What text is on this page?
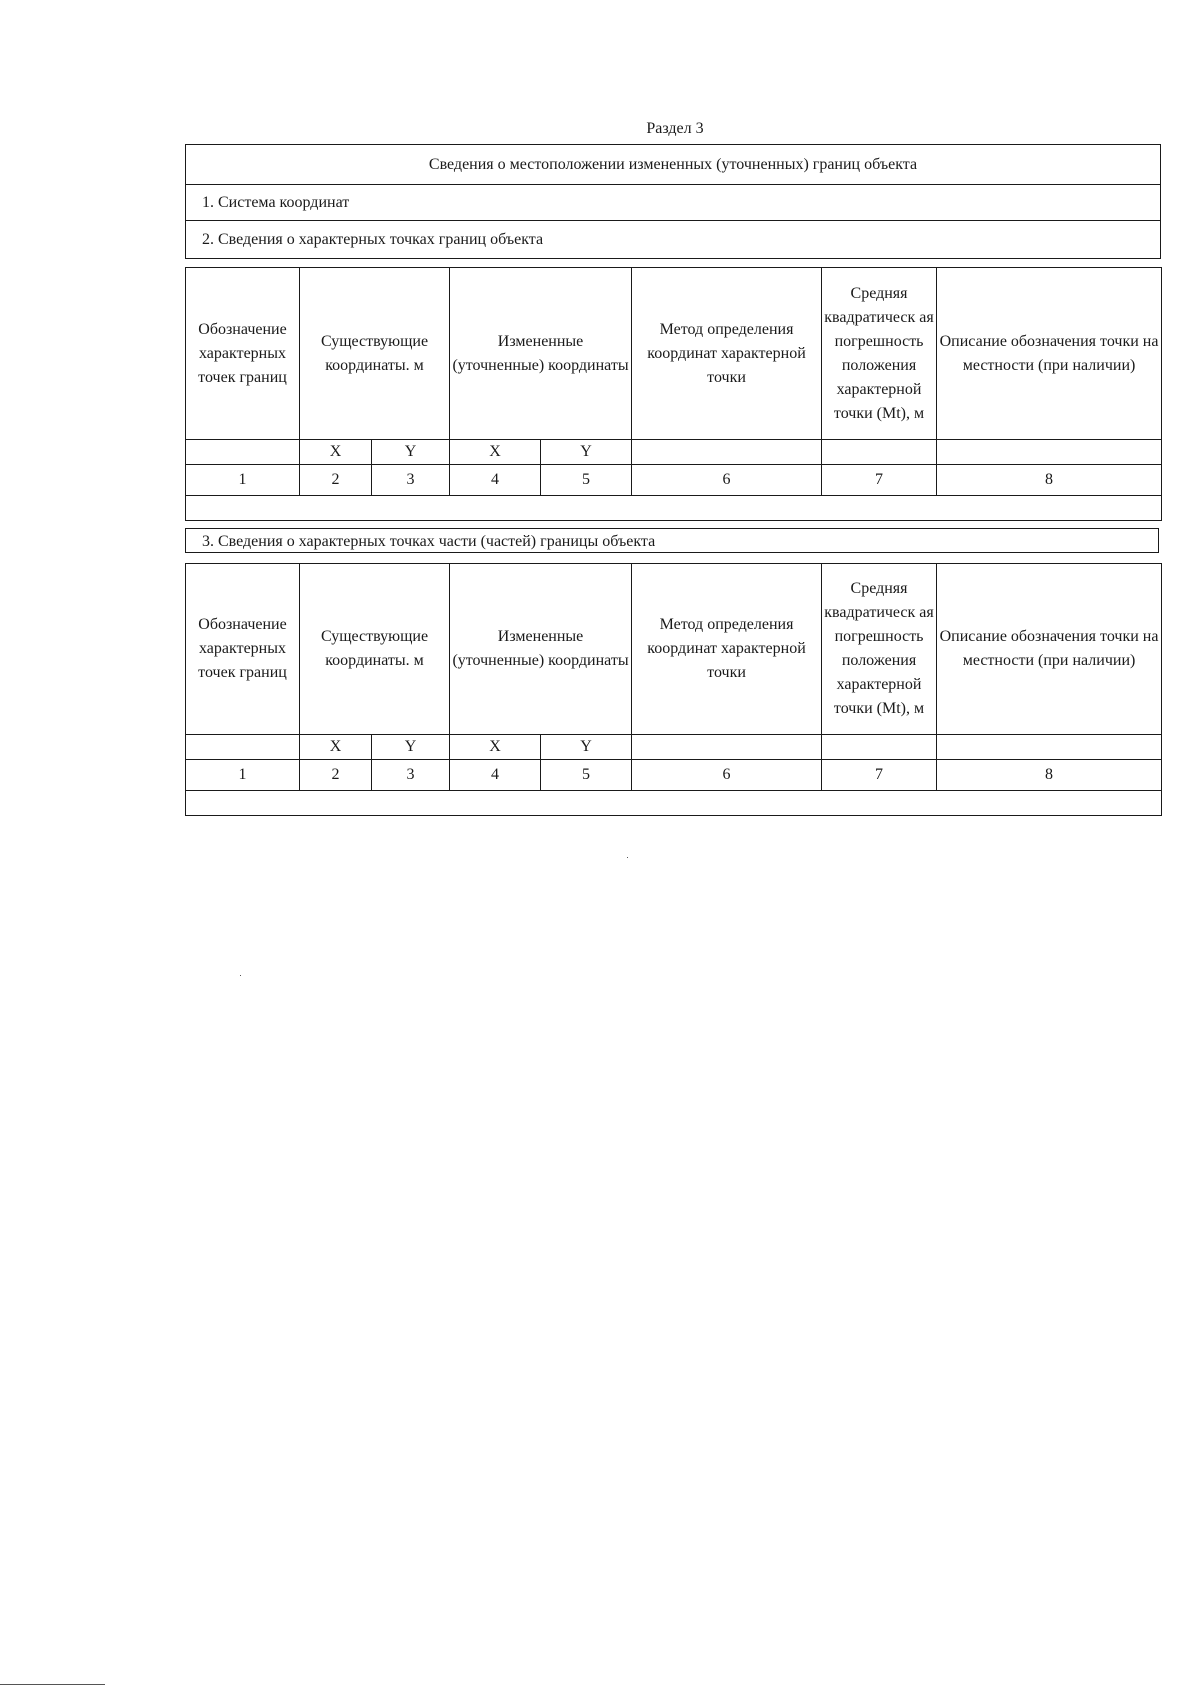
Раздел 3
Сведения о местоположении измененных (уточненных) границ объекта
1. Система координат
2. Сведения о характерных точках границ объекта
Обозначение характерных точек границ	Существующие координаты. м		Измененные (уточненные) координаты		Метод определения координат характерной точки	Средняя квадратическ ая погрешность положения характерной точки (Mt), м	Описание обозначения точки на местности (при наличии)
	X	Y	X	Y			
1	2	3	4	5	6	7	8

3. Сведения о характерных точках части (частей) границы объекта
Обозначение характерных точек границ	Существующие координаты. м		Измененные (уточненные) координаты		Метод определения координат характерной точки	Средняя квадратическ ая погрешность положения характерной точки (Mt), м	Описание обозначения точки на местности (при наличии)
	X	Y	X	Y			
1	2	3	4	5	6	7	8
